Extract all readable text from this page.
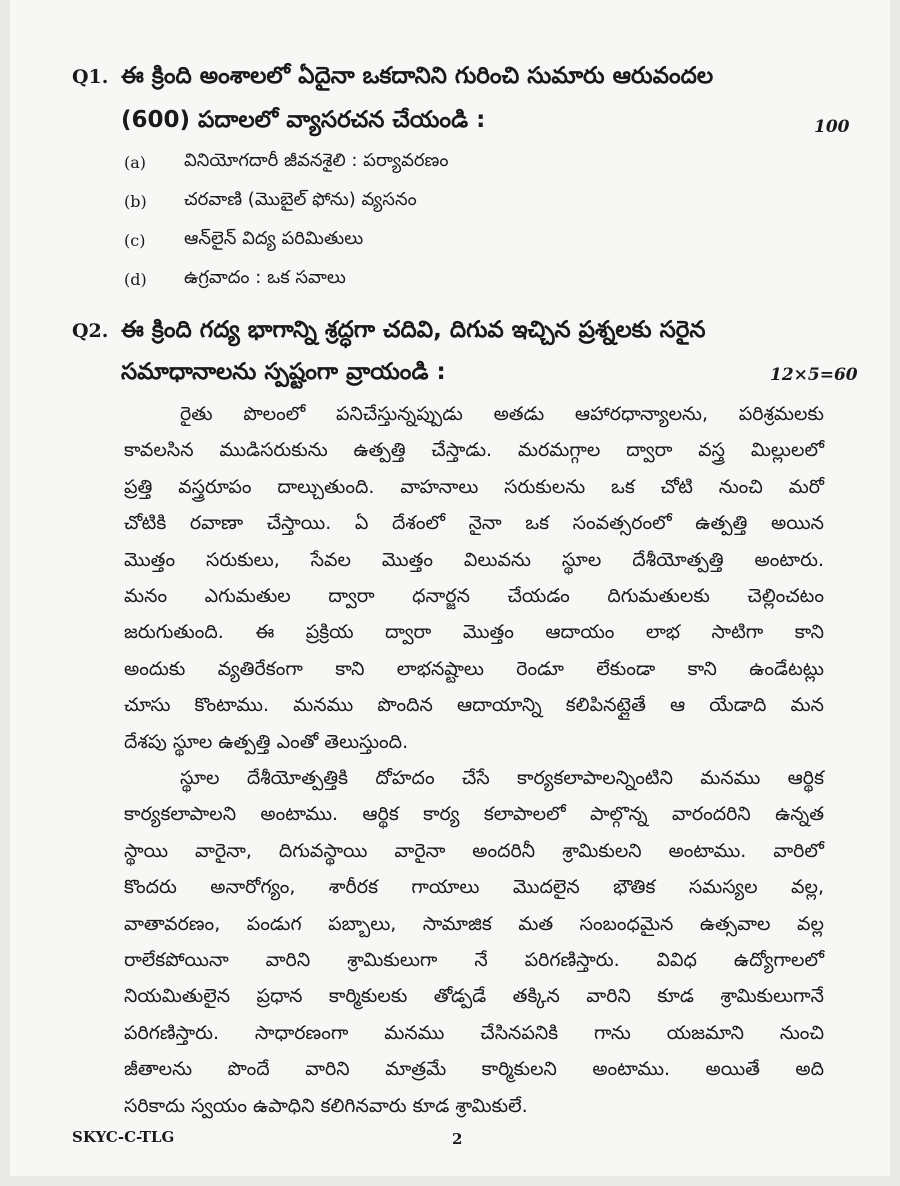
Q1. ఈ క్రింది అంశాలలో ఏదైనా ఒకదానిని గురించి సుమారు ఆరువందల
(600) పదాలలో వ్యాసరచన చేయండి :	100
(a) వినియోగదారీ జీవనశైలి : పర్యావరణం
(b) చరవాణి (మొబైల్ ఫోను) వ్యసనం
(c) ఆన్‌లైన్ విద్య పరిమితులు
(d) ఉగ్రవాదం : ఒక సవాలు
Q2. ఈ క్రింది గద్య భాగాన్ని శ్రద్ధగా చదివి, దిగువ ఇచ్చిన ప్రశ్నలకు సరైన
సమాధానాలను స్పష్టంగా వ్రాయండి :	12×5=60
రైతు పొలంలో పనిచేస్తున్నప్పుడు అతడు ఆహారధాన్యాలను, పరిశ్రమలకు
కావలసిన ముడిసరుకును ఉత్పత్తి చేస్తాడు. మరమగ్గాల ద్వారా వస్త్ర మిల్లులలో
ప్రత్తి వస్త్రరూపం దాల్చుతుంది. వాహనాలు సరుకులను ఒక చోటి నుంచి మరో
చోటికి రవాణా చేస్తాయి. ఏ దేశంలో నైనా ఒక సంవత్సరంలో ఉత్పత్తి అయిన
మొత్తం సరుకులు, సేవల మొత్తం విలువను స్థూల దేశీయోత్పత్తి అంటారు.
మనం ఎగుమతుల ద్వారా ధనార్జన చేయడం దిగుమతులకు చెల్లించటం
జరుగుతుంది. ఈ ప్రక్రియ ద్వారా మొత్తం ఆదాయం లాభ సాటిగా కాని
అందుకు వ్యతిరేకంగా కాని లాభనష్టాలు రెండూ లేకుండా కాని ఉండేటట్లు
చూసు కొంటాము. మనము పొందిన ఆదాయాన్ని కలిపినట్లైతే ఆ యేడాది మన
దేశపు స్థూల ఉత్పత్తి ఎంతో తెలుస్తుంది.
స్థూల దేశీయోత్పత్తికి దోహదం చేసే కార్యకలాపాలన్నింటిని మనము ఆర్థిక
కార్యకలాపాలని అంటాము. ఆర్థిక కార్య కలాపాలలో పాల్గొన్న వారందరిని ఉన్నత
స్థాయి వారైనా, దిగువస్థాయి వారైనా అందరినీ శ్రామికులని అంటాము. వారిలో
కొందరు అనారోగ్యం, శారీరక గాయాలు మొదలైన భౌతిక సమస్యల వల్ల,
వాతావరణం, పండుగ పబ్బాలు, సామాజిక మత సంబంధమైన ఉత్సవాల వల్ల
రాలేకపోయినా వారిని శ్రామికులుగా నే పరిగణిస్తారు. వివిధ ఉద్యోగాలలో
నియమితులైన ప్రధాన కార్మికులకు తోడ్పడే తక్కిన వారిని కూడ శ్రామికులుగానే
పరిగణిస్తారు. సాధారణంగా మనము చేసినపనికి గాను యజమాని నుంచి
జీతాలను పొందే వారిని మాత్రమే కార్మికులని అంటాము. అయితే అది
సరికాదు స్వయం ఉపాధిని కలిగినవారు కూడ శ్రామికులే.
SKYC-C-TLG	2
